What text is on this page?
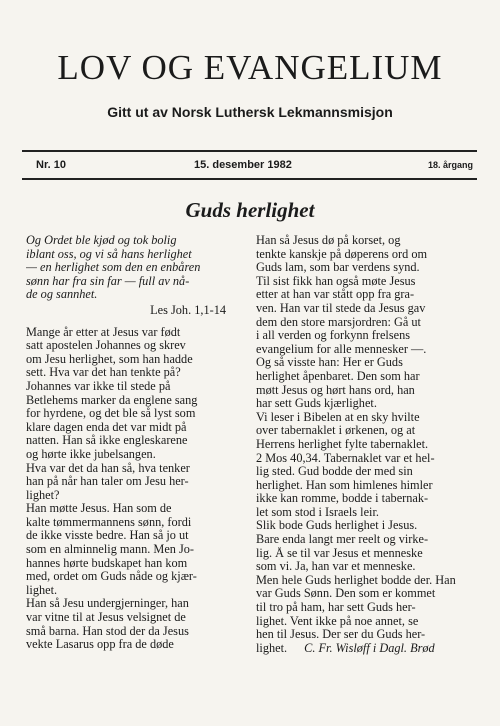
LOV OG EVANGELIUM
Gitt ut av Norsk Luthersk Lekmannsmisjon
Nr. 10	15. desember 1982	18. årgang
Guds herlighet
Og Ordet ble kjød og tok bolig
iblant oss, og vi så hans herlighet
— en herlighet som den en enbåren
sønn har fra sin far — full av nå-
de og sannhet.
Les Joh. 1,1-14
Mange år etter at Jesus var født
satt apostelen Johannes og skrev
om Jesu herlighet, som han hadde
sett. Hva var det han tenkte på?
Johannes var ikke til stede på
Betlehems marker da englene sang
for hyrdene, og det ble så lyst som
klare dagen enda det var midt på
natten. Han så ikke engleskarene
og hørte ikke jubelsangen.
Hva var det da han så, hva tenker
han på når han taler om Jesu her-
lighet?
Han møtte Jesus. Han som de
kalte tømmermannens sønn, fordi
de ikke visste bedre. Han så jo ut
som en alminnelig mann. Men Jo-
hannes hørte budskapet han kom
med, ordet om Guds nåde og kjær-
lighet.
Han så Jesu undergjerninger, han
var vitne til at Jesus velsignet de
små barna. Han stod der da Jesus
vekte Lasarus opp fra de døde
Han så Jesus dø på korset, og
tenkte kanskje på døperens ord om
Guds lam, som bar verdens synd.
Til sist fikk han også møte Jesus
etter at han var stått opp fra gra-
ven. Han var til stede da Jesus gav
dem den store marsjordren: Gå ut
i all verden og forkynn frelsens
evangelium for alle mennesker —.
Og så visste han: Her er Guds
herlighet åpenbaret. Den som har
møtt Jesus og hørt hans ord, han
har sett Guds kjærlighet.
Vi leser i Bibelen at en sky hvilte
over tabernaklet i ørkenen, og at
Herrens herlighet fylte tabernaklet.
2 Mos 40,34. Tabernaklet var et hel-
lig sted. Gud bodde der med sin
herlighet. Han som himlenes himler
ikke kan romme, bodde i tabernak-
let som stod i Israels leir.
Slik bode Guds herlighet i Jesus.
Bare enda langt mer reelt og virke-
lig. Å se til var Jesus et menneske
som vi. Ja, han var et menneske.
Men hele Guds herlighet bodde der. Han
var Guds Sønn. Den som er kommet
til tro på ham, har sett Guds her-
lighet. Vent ikke på noe annet, se
hen til Jesus. Der ser du Guds her-
lighet. C. Fr. Wisløff i Dagl. Brød
